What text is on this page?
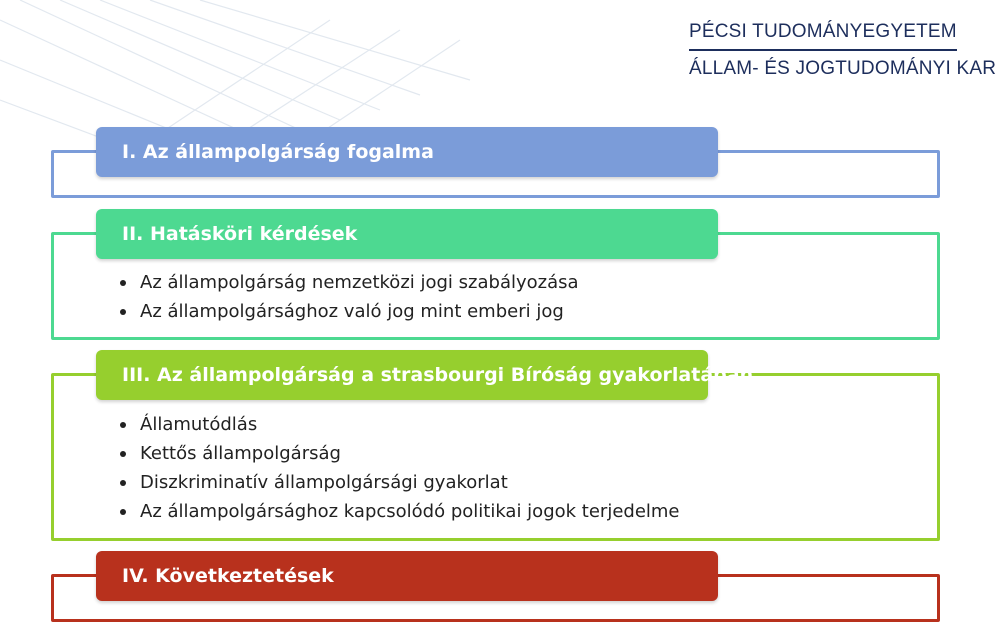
PÉCSI TUDOMÁNYEGYETEM
ÁLLAM- ÉS JOGTUDOMÁNYI KAR
I. Az állampolgárság fogalma
II. Hatásköri kérdések
Az állampolgárság nemzetközi jogi szabályozása
Az állampolgársághoz való jog mint emberi jog
III. Az állampolgárság a strasbourgi Bíróság gyakorlatában
Államutódlás
Kettős állampolgárság
Diszkriminatív állampolgársági gyakorlat
Az állampolgársághoz kapcsolódó politikai jogok terjedelme
IV. Következtetések
